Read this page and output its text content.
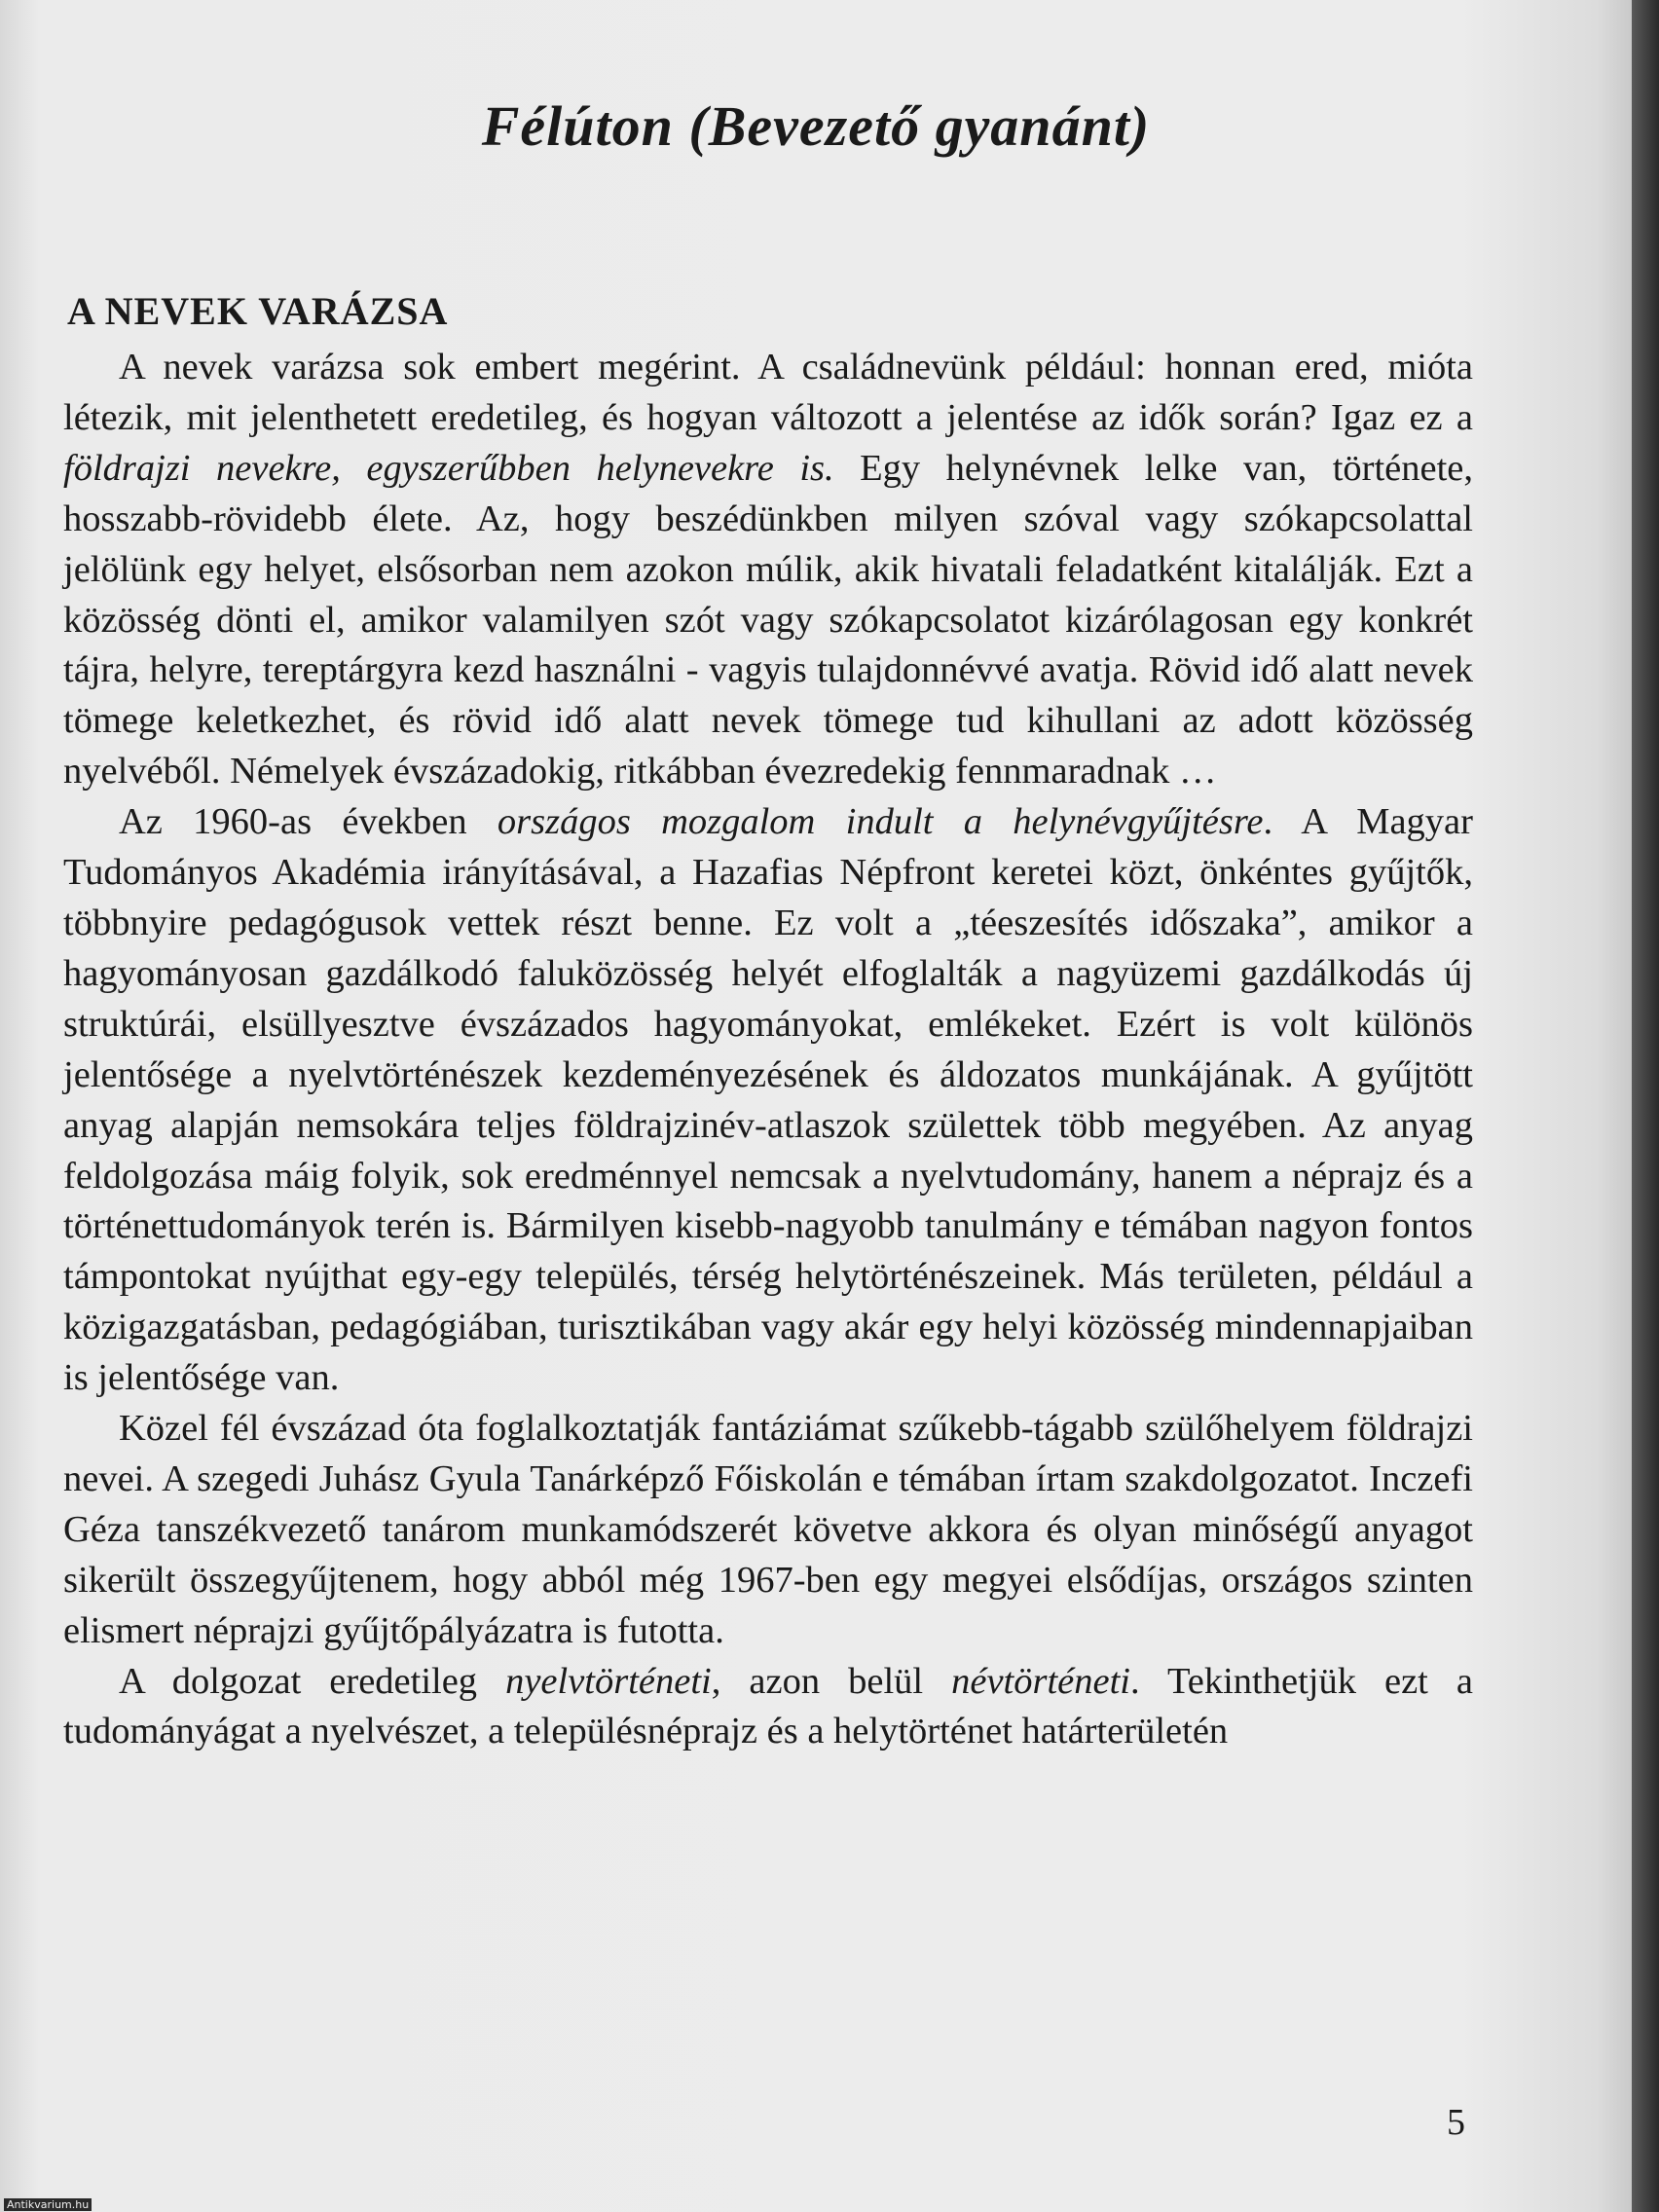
Félúton (Bevezető gyanánt)
A NEVEK VARÁZSA

A nevek varázsa sok embert megérint. A családnevünk például: honnan ered, mióta létezik, mit jelenthetett eredetileg, és hogyan változott a jelentése az idők során? Igaz ez a földrajzi nevekre, egyszerűbben helynevekre is. Egy helynévnek lelke van, története, hosszabb-rövidebb élete. Az, hogy beszédünkben milyen szóval vagy szókapcsolattal jelölünk egy helyet, elsősorban nem azokon múlik, akik hivatali feladatként kitalálják. Ezt a közösség dönti el, amikor valamilyen szót vagy szókapcsolatot kizárólagosan egy konkrét tájra, helyre, tereptárgyra kezd használni - vagyis tulajdonnévvé avatja. Rövid idő alatt nevek tömege keletkezhet, és rövid idő alatt nevek tömege tud kihullani az adott közösség nyelvéből. Némelyek évszázadokig, ritkábban évezredekig fennmaradnak …

Az 1960-as években országos mozgalom indult a helynévgyűjtésre. A Magyar Tudományos Akadémia irányításával, a Hazafias Népfront keretei közt, önkéntes gyűjtők, többnyire pedagógusok vettek részt benne. Ez volt a „téeszesítés időszaka”, amikor a hagyományosan gazdálkodó faluközösség helyét elfoglalták a nagyüzemi gazdálkodás új struktúrái, elsüllyesztve évszázados hagyományokat, emlékeket. Ezért is volt különös jelentősége a nyelvtörténészek kezdeményezésének és áldozatos munkájának. A gyűjtött anyag alapján nemsokára teljes földrajzinév-atlaszok születtek több megyében. Az anyag feldolgozása máig folyik, sok eredménnyel nemcsak a nyelvtudomány, hanem a néprajz és a történettudományok terén is. Bármilyen kisebb-nagyobb tanulmány e témában nagyon fontos támpontokat nyújthat egy-egy település, térség helytörténészeinek. Más területen, például a közigazgatásban, pedagógiában, turisztikában vagy akár egy helyi közösség mindennapjaiban is jelentősége van.

Közel fél évszázad óta foglalkoztatják fantáziámat szűkebb-tágabb szülőhelyem földrajzi nevei. A szegedi Juhász Gyula Tanárképző Főiskolán e témában írtam szakdolgozatot. Inczefi Géza tanszékvezető tanárom munkamódszerét követve akkora és olyan minőségű anyagot sikerült összegyűjtenem, hogy abból még 1967-ben egy megyei elsődíjas, országos szinten elismert néprajzi gyűjtőpályázatra is futotta.

A dolgozat eredetileg nyelvtörténeti, azon belül névtörténeti. Tekinthetjük ezt a tudományágat a nyelvészet, a településnéprajz és a helytörténet határterületén

5
Antikvarium.hu
